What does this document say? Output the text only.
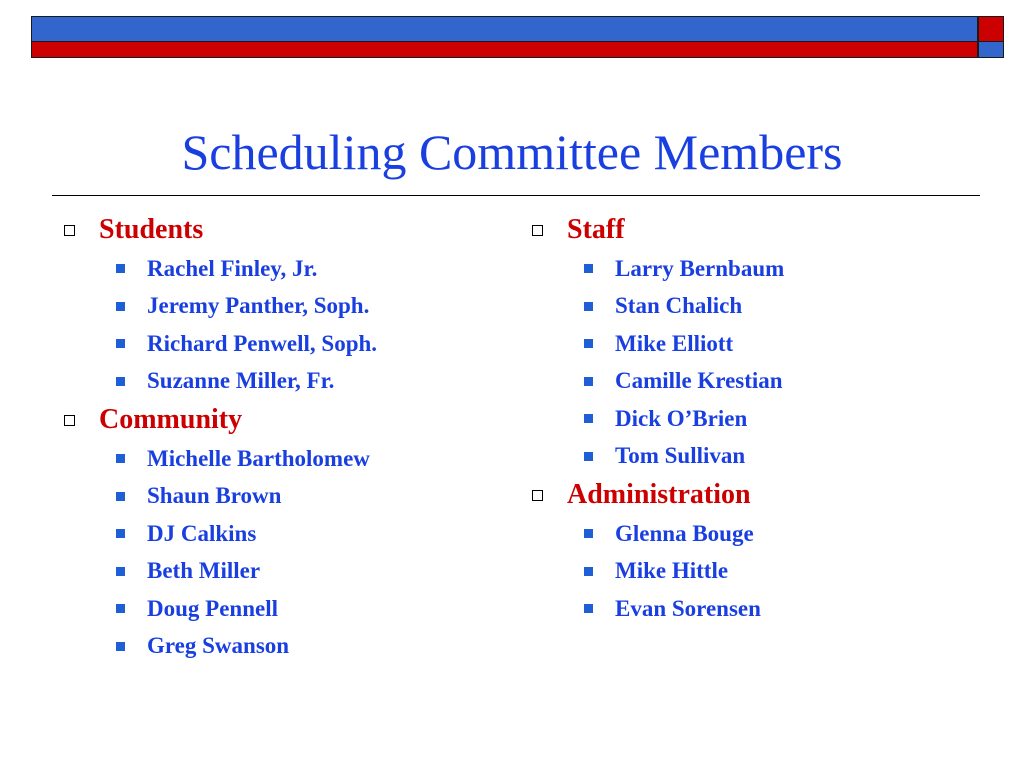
Scheduling Committee Members
Students
Rachel Finley, Jr.
Jeremy Panther, Soph.
Richard Penwell, Soph.
Suzanne Miller, Fr.
Community
Michelle Bartholomew
Shaun Brown
DJ Calkins
Beth Miller
Doug Pennell
Greg Swanson
Staff
Larry Bernbaum
Stan Chalich
Mike Elliott
Camille Krestian
Dick O’Brien
Tom Sullivan
Administration
Glenna Bouge
Mike Hittle
Evan Sorensen
